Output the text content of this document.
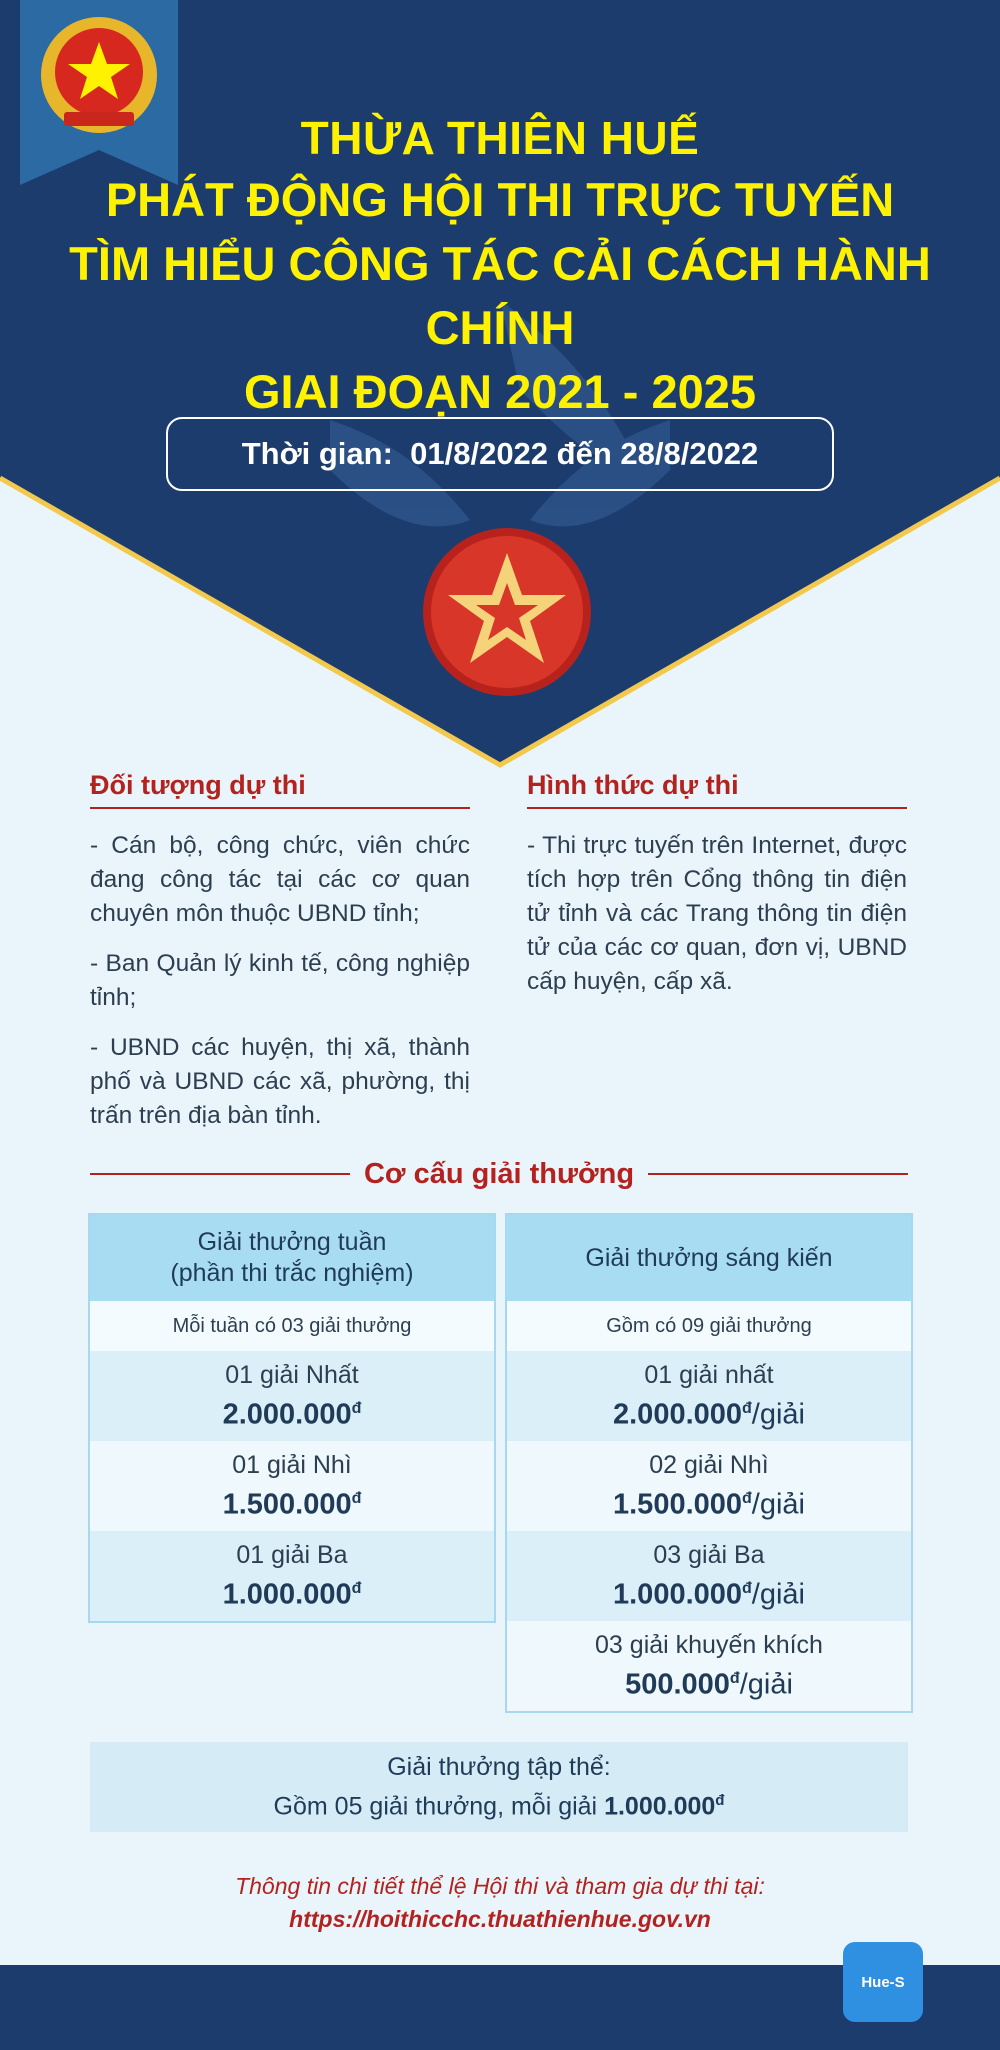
THỪA THIÊN HUẾ
PHÁT ĐỘNG HỘI THI TRỰC TUYẾN
TÌM HIỂU CÔNG TÁC CẢI CÁCH HÀNH CHÍNH
GIAI ĐOẠN 2021 - 2025
Thời gian: 01/8/2022 đến 28/8/2022
Đối tượng dự thi

- Cán bộ, công chức, viên chức đang công tác tại các cơ quan chuyên môn thuộc UBND tỉnh;

- Ban Quản lý kinh tế, công nghiệp tỉnh;

- UBND các huyện, thị xã, thành phố và UBND các xã, phường, thị trấn trên địa bàn tỉnh.

Hình thức dự thi

- Thi trực tuyến trên Internet, được tích hợp trên Cổng thông tin điện tử tỉnh và các Trang thông tin điện tử của các cơ quan, đơn vị, UBND cấp huyện, cấp xã.

Cơ cấu giải thưởng
Giải thưởng tuần
(phần thi trắc nghiệm)
Mỗi tuần có 03 giải thưởng
01 giải Nhất
$2.000.000^đ$
01 giải Nhì
$1.500.000^đ$
01 giải Ba
$1.000.000^đ$
Giải thưởng sáng kiến
Gồm có 09 giải thưởng
01 giải nhất
$2.000.000^đ$/giải
02 giải Nhì
$1.500.000^đ$/giải
03 giải Ba
$1.000.000^đ$/giải
03 giải khuyến khích
$500.000^đ$/giải
Giải thưởng tập thể:
Gồm 05 giải thưởng, mỗi giải $1.000.000^đ$
Thông tin chi tiết thể lệ Hội thi và tham gia dự thi tại:
https://hoithicchc.thuathienhue.gov.vn
Hue-S
